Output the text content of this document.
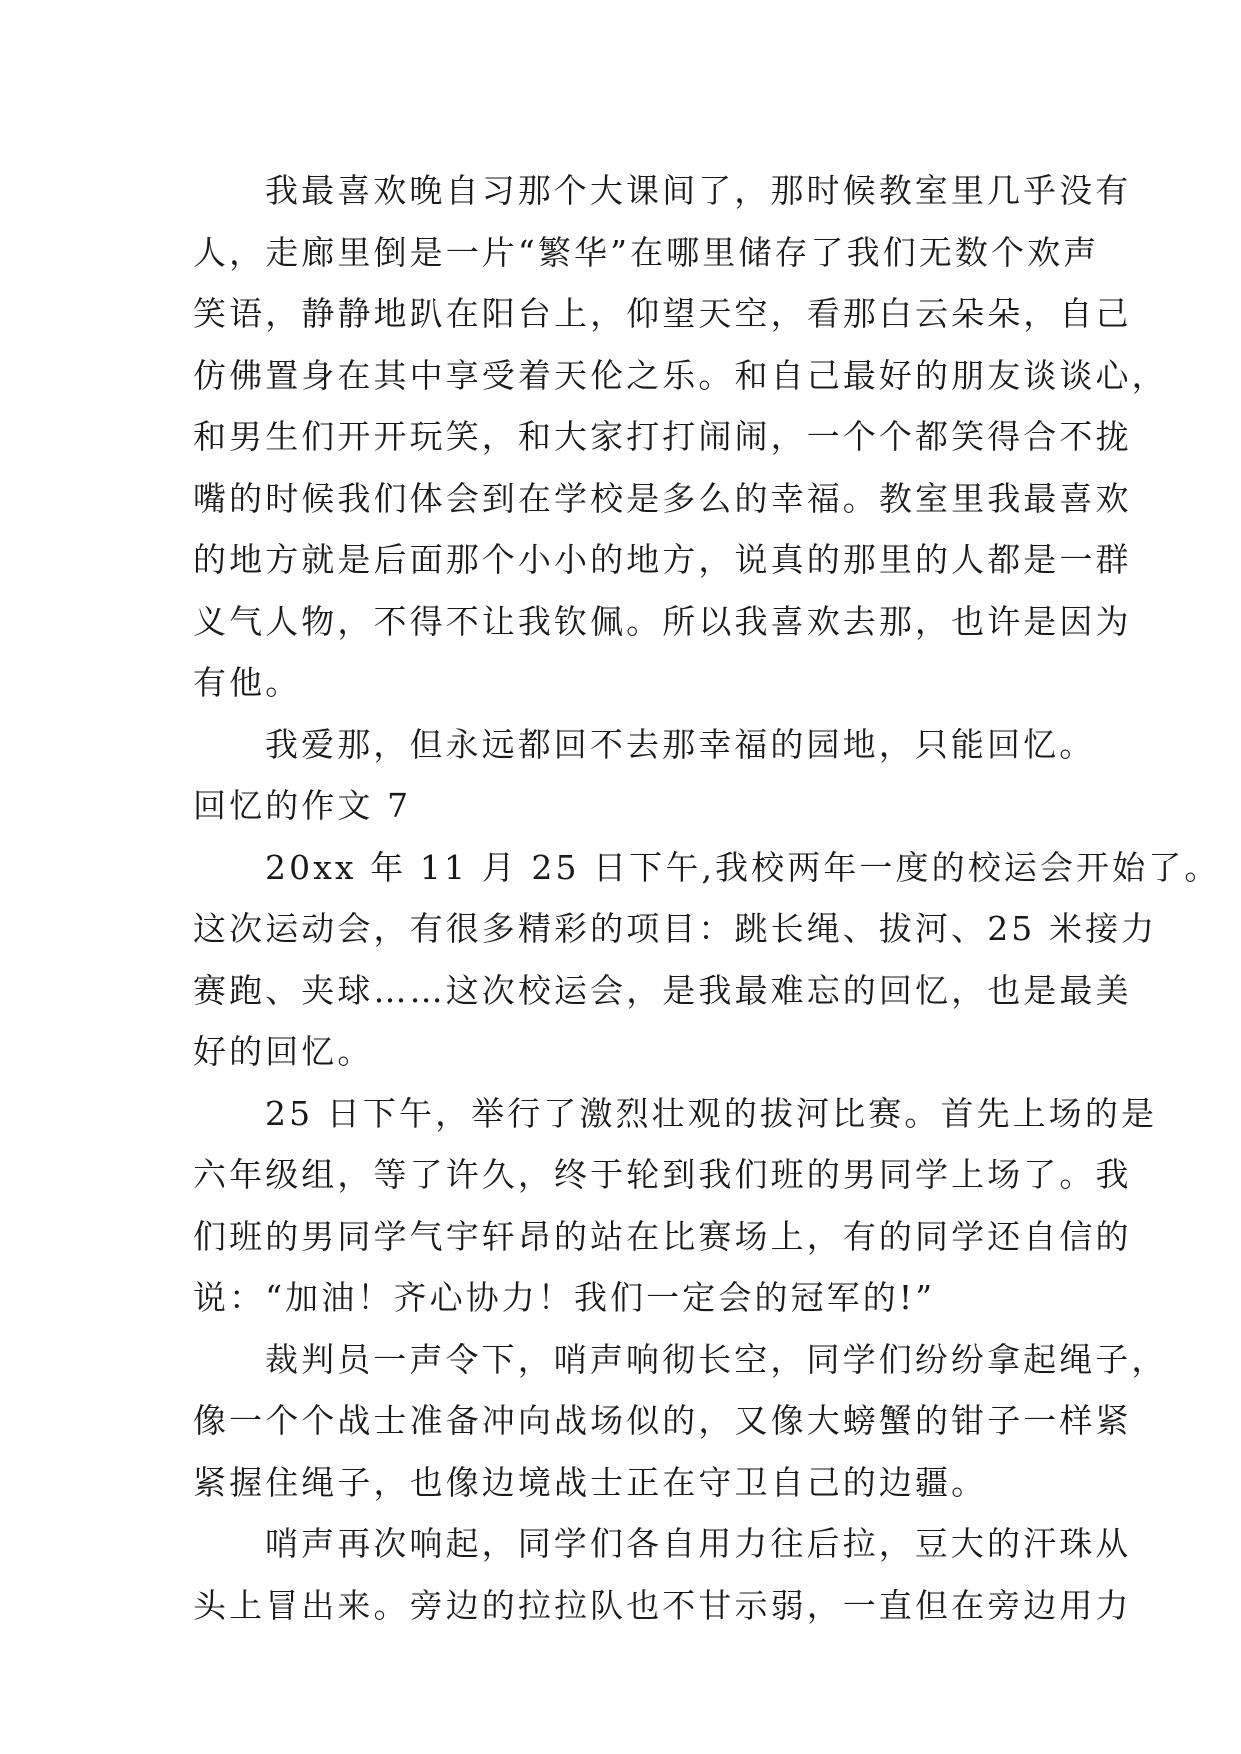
我最喜欢晚自习那个大课间了，那时候教室里几乎没有
人，走廊里倒是一片“繁华”在哪里储存了我们无数个欢声
笑语，静静地趴在阳台上，仰望天空，看那白云朵朵，自己
仿佛置身在其中享受着天伦之乐。和自己最好的朋友谈谈心，
和男生们开开玩笑，和大家打打闹闹，一个个都笑得合不拢
嘴的时候我们体会到在学校是多么的幸福。教室里我最喜欢
的地方就是后面那个小小的地方，说真的那里的人都是一群
义气人物，不得不让我钦佩。所以我喜欢去那，也许是因为
有他。
我爱那，但永远都回不去那幸福的园地，只能回忆。
回忆的作文 7
20xx 年 11 月 25 日下午,我校两年一度的校运会开始了。
这次运动会，有很多精彩的项目：跳长绳、拔河、25 米接力
赛跑、夹球……这次校运会，是我最难忘的回忆，也是最美
好的回忆。
25 日下午，举行了激烈壮观的拔河比赛。首先上场的是
六年级组，等了许久，终于轮到我们班的男同学上场了。我
们班的男同学气宇轩昂的站在比赛场上，有的同学还自信的
说：“加油！齐心协力！我们一定会的冠军的!”
裁判员一声令下，哨声响彻长空，同学们纷纷拿起绳子，
像一个个战士准备冲向战场似的，又像大螃蟹的钳子一样紧
紧握住绳子，也像边境战士正在守卫自己的边疆。
哨声再次响起，同学们各自用力往后拉，豆大的汗珠从
头上冒出来。旁边的拉拉队也不甘示弱，一直但在旁边用力
